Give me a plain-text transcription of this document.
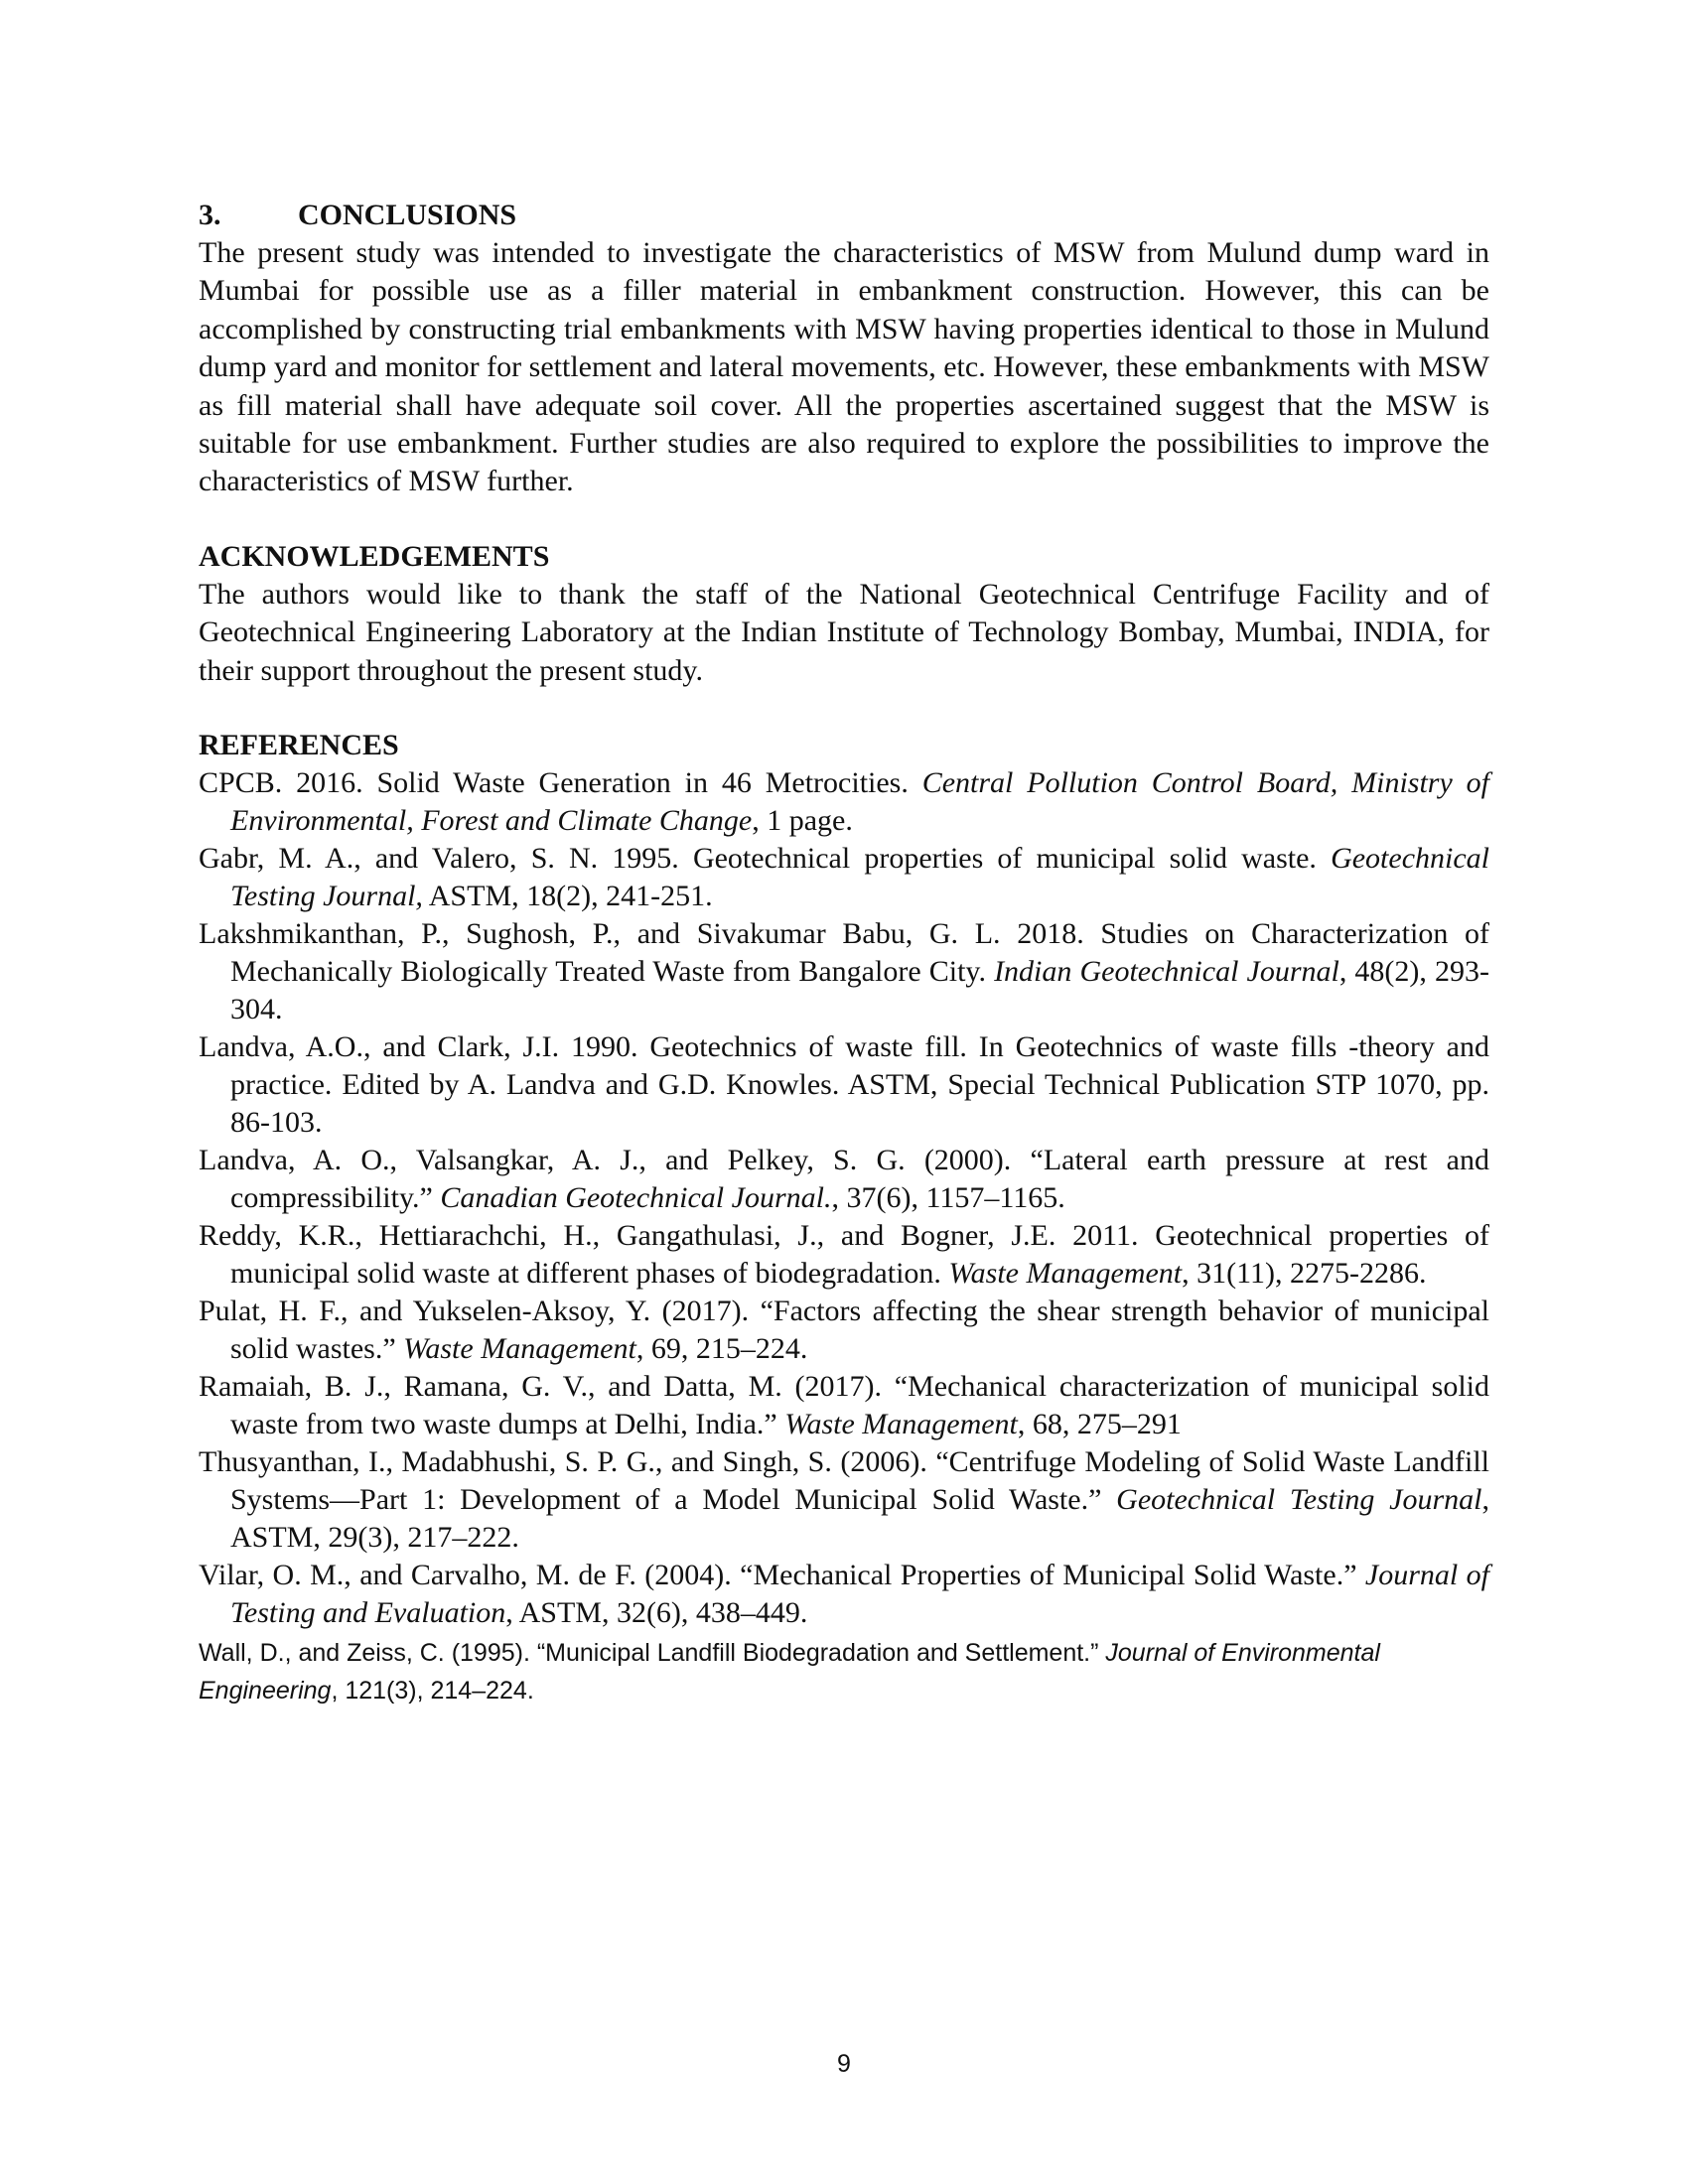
3.	CONCLUSIONS

The present study was intended to investigate the characteristics of MSW from Mulund dump ward in Mumbai for possible use as a filler material in embankment construction. However, this can be accomplished by constructing trial embankments with MSW having properties identical to those in Mulund dump yard and monitor for settlement and lateral movements, etc. However, these embankments with MSW as fill material shall have adequate soil cover. All the properties ascertained suggest that the MSW is suitable for use embankment. Further studies are also required to explore the possibilities to improve the characteristics of MSW further.

ACKNOWLEDGEMENTS

The authors would like to thank the staff of the National Geotechnical Centrifuge Facility and of Geotechnical Engineering Laboratory at the Indian Institute of Technology Bombay, Mumbai, INDIA, for their support throughout the present study.

REFERENCES
CPCB. 2016. Solid Waste Generation in 46 Metrocities. Central Pollution Control Board, Ministry of Environmental, Forest and Climate Change, 1 page.
Gabr, M. A., and Valero, S. N. 1995. Geotechnical properties of municipal solid waste. Geotechnical Testing Journal, ASTM, 18(2), 241-251.
Lakshmikanthan, P., Sughosh, P., and Sivakumar Babu, G. L. 2018. Studies on Characterization of Mechanically Biologically Treated Waste from Bangalore City. Indian Geotechnical Journal, 48(2), 293-304.
Landva, A.O., and Clark, J.I. 1990. Geotechnics of waste fill. In Geotechnics of waste fills -theory and practice. Edited by A. Landva and G.D. Knowles. ASTM, Special Technical Publication STP 1070, pp. 86-103.
Landva, A. O., Valsangkar, A. J., and Pelkey, S. G. (2000). “Lateral earth pressure at rest and compressibility.” Canadian Geotechnical Journal., 37(6), 1157–1165.
Reddy, K.R., Hettiarachchi, H., Gangathulasi, J., and Bogner, J.E. 2011. Geotechnical properties of municipal solid waste at different phases of biodegradation. Waste Management, 31(11), 2275-2286.
Pulat, H. F., and Yukselen-Aksoy, Y. (2017). “Factors affecting the shear strength behavior of municipal solid wastes.” Waste Management, 69, 215–224.
Ramaiah, B. J., Ramana, G. V., and Datta, M. (2017). “Mechanical characterization of municipal solid waste from two waste dumps at Delhi, India.” Waste Management, 68, 275–291
Thusyanthan, I., Madabhushi, S. P. G., and Singh, S. (2006). “Centrifuge Modeling of Solid Waste Landfill Systems—Part 1: Development of a Model Municipal Solid Waste.” Geotechnical Testing Journal, ASTM, 29(3), 217–222.
Vilar, O. M., and Carvalho, M. de F. (2004). “Mechanical Properties of Municipal Solid Waste.” Journal of Testing and Evaluation, ASTM, 32(6), 438–449.
Wall, D., and Zeiss, C. (1995). “Municipal Landfill Biodegradation and Settlement.” Journal of Environmental Engineering, 121(3), 214–224.
9
